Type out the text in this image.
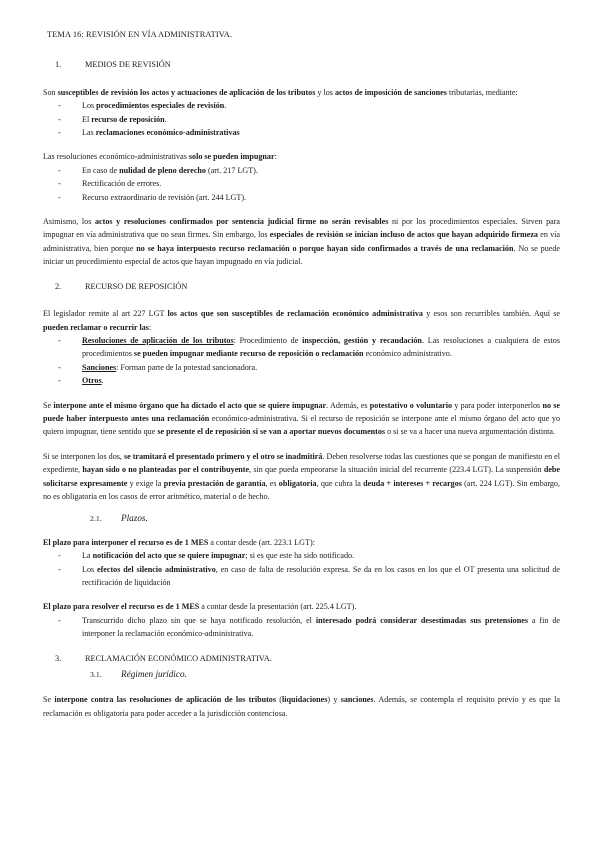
TEMA 16: REVISIÓN EN VÍA ADMINISTRATIVA.
1.	MEDIOS DE REVISIÓN

Son susceptibles de revisión los actos y actuaciones de aplicación de los tributos y los actos de imposición de sanciones tributarias, mediante:

- Los procedimientos especiales de revisión.
- El recurso de reposición.
- Las reclamaciones económico-administrativas

Las resoluciones económico-administrativas solo se pueden impugnar:

- En caso de nulidad de pleno derecho (art. 217 LGT).
- Rectificación de errores.
- Recurso extraordinario de revisión (art. 244 LGT).

Asimismo, los actos y resoluciones confirmados por sentencia judicial firme no serán revisables ni por los procedimientos especiales. Sirven para impugnar en vía administrativa que no sean firmes. Sin embargo, los especiales de revisión se inician incluso de actos que hayan adquirido firmeza en vía administrativa, bien porque no se haya interpuesto recurso reclamación o porque hayan sido confirmados a través de una reclamación. No se puede iniciar un procedimiento especial de actos que hayan impugnado en vía judicial.

2.	RECURSO DE REPOSICIÓN

El legislador remite al art 227 LGT los actos que son susceptibles de reclamación económico administrativa y esos son recurribles también. Aquí se pueden reclamar o recurrir las:

- Resoluciones de aplicación de los tributos: Procedimiento de inspección, gestión y recaudación. Las resoluciones a cualquiera de estos procedimientos se pueden impugnar mediante recurso de reposición o reclamación económico administrativo.
- Sanciones: Forman parte de la potestad sancionadora.
- Otros.

Se interpone ante el mismo órgano que ha dictado el acto que se quiere impugnar. Además, es potestativo o voluntario y para poder interponerlos no se puede haber interpuesto antes una reclamación económico-administrativa. Si el recurso de reposición se interpone ante el mismo órgano del acto que yo quiero impugnar, tiene sentido que se presente el de reposición si se van a aportar nuevos documentos o si se va a hacer una nueva argumentación distinta.

Si se interponen los dos, se tramitará el presentado primero y el otro se inadmitirá. Deben resolverse todas las cuestiones que se pongan de manifiesto en el expediente, hayan sido o no planteadas por el contribuyente, sin que pueda empeorarse la situación inicial del recurrente (223.4 LGT). La suspensión debe solicitarse expresamente y exige la previa prestación de garantía, es obligatoria, que cubra la deuda + intereses + recargos (art. 224 LGT). Sin embargo, no es obligatoria en los casos de error aritmético, material o de hecho.

2.1. Plazos.

El plazo para interponer el recurso es de 1 MES a contar desde (art. 223.1 LGT):

- La notificación del acto que se quiere impugnar; si es que este ha sido notificado.
- Los efectos del silencio administrativo, en caso de falta de resolución expresa. Se da en los casos en los que el OT presenta una solicitud de rectificación de liquidación

El plazo para resolver el recurso es de 1 MES a contar desde la presentación (art. 225.4 LGT).

- Transcurrido dicho plazo sin que se haya notificado resolución, el interesado podrá considerar desestimadas sus pretensiones a fin de interponer la reclamación económico-administrativa.
3.	RECLAMACIÓN ECONÓMICO ADMINISTRATIVA.
3.1. Régimen jurídico.

Se interpone contra las resoluciones de aplicación de los tributos (liquidaciones) y sanciones. Además, se contempla el requisito previo y es que la reclamación es obligatoria para poder acceder a la jurisdicción contenciosa.
